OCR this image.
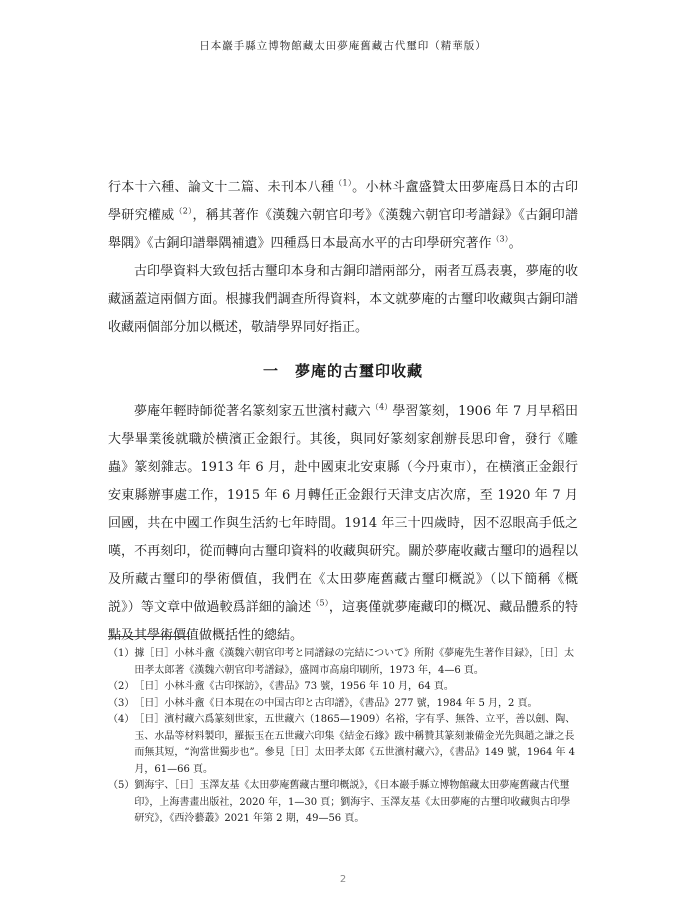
日本巖手縣立博物館藏太田夢庵舊藏古代璽印（精華版）

行本十六種、論文十二篇、未刊本八種$^{(1)}$。小林斗盦盛贊太田夢庵爲日本的古印學研究權威$^{(2)}$，稱其著作《漢魏六朝官印考》《漢魏六朝官印考譜録》《古銅印譜舉隅》《古銅印譜舉隅補遺》四種爲日本最高水平的古印學研究著作$^{(3)}$。

古印學資料大致包括古璽印本身和古銅印譜兩部分，兩者互爲表裏，夢庵的收藏涵蓋這兩個方面。根據我們調查所得資料，本文就夢庵的古璽印收藏與古銅印譜收藏兩個部分加以概述，敬請學界同好指正。

一　夢庵的古璽印收藏

夢庵年輕時師從著名篆刻家五世濱村藏六$^{(4)}$學習篆刻，1906 年 7 月早稻田大學畢業後就職於横濱正金銀行。其後，與同好篆刻家創辦長思印會，發行《雕蟲》篆刻雜志。1913 年 6 月，赴中國東北安東縣（今丹東市），在横濱正金銀行安東縣辦事處工作，1915 年 6 月轉任正金銀行天津支店次席，至 1920 年 7 月回國，共在中國工作與生活約七年時間。1914 年三十四歲時，因不忍眼高手低之嘆，不再刻印，從而轉向古璽印資料的收藏與研究。關於夢庵收藏古璽印的過程以及所藏古璽印的學術價值，我們在《太田夢庵舊藏古璽印概説》（以下簡稱《概説》）等文章中做過較爲詳細的論述$^{(5)}$，這裏僅就夢庵藏印的概况、藏品體系的特點及其學術價值做概括性的總結。

（1） 據［日］小林斗盦《漢魏六朝官印考と同譜録の完結について》所附《夢庵先生著作目録》，［日］太田孝太郎著《漢魏六朝官印考譜録》，盛岡市高扇印刷所，1973 年，4—6 頁。
（2） ［日］小林斗盦《古印探訪》，《書品》73 號，1956 年 10 月，64 頁。
（3） ［日］小林斗盦《日本現在の中国古印と古印譜》，《書品》277 號，1984 年 5 月，2 頁。
（4） ［日］濱村藏六爲篆刻世家，五世藏六（1865—1909）名裕，字有孚、無咎、立平，善以劍、陶、玉、水晶等材料製印，羅振玉在五世藏六印集《結金石緣》跋中稱贊其篆刻兼備金光先與趙之謙之長而無其短，“洵當世獨步也”。參見［日］太田孝太郎《五世濱村藏六》，《書品》149 號，1964 年 4 月，61—66 頁。
（5） 劉海宇、［日］玉澤友基《太田夢庵舊藏古璽印概説》，《日本巖手縣立博物館藏太田夢庵舊藏古代璽印》，上海書畫出版社，2020 年，1—30 頁；劉海宇、玉澤友基《太田夢庵的古璽印收藏與古印學研究》，《西泠藝叢》2021 年第 2 期，49—56 頁。
2
